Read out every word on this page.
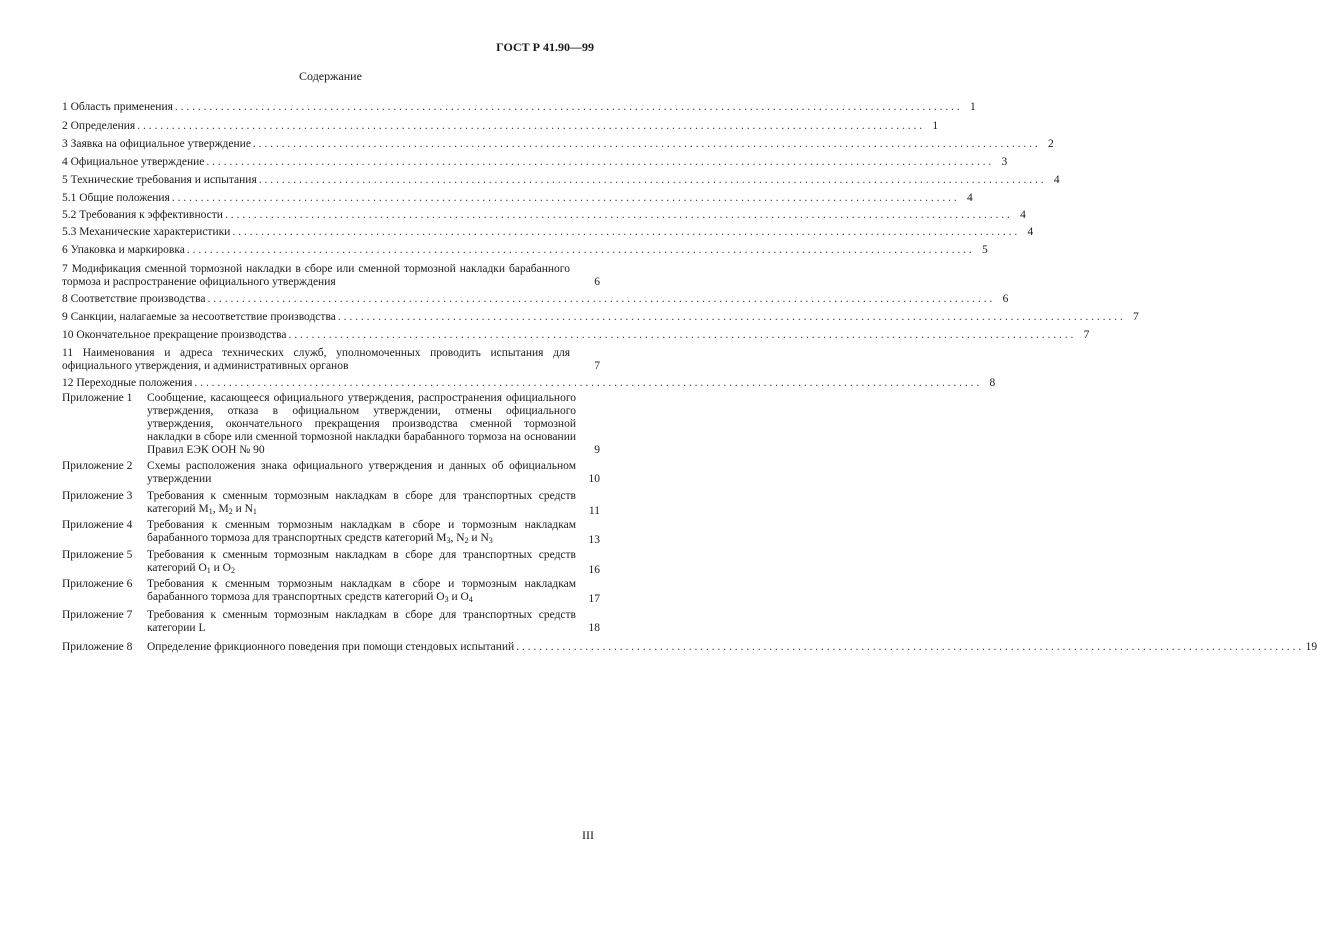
ГОСТ Р 41.90—99
Содержание
1 Область применения . . .	1
2 Определения . . .	1
3 Заявка на официальное утверждение . . .	2
4 Официальное утверждение . . .	3
5 Технические требования и испытания . . .	4
5.1 Общие положения . . .	4
5.2 Требования к эффективности . . .	4
5.3 Механические характеристики . . .	4
6 Упаковка и маркировка . . .	5
7 Модификация сменной тормозной накладки в сборе или сменной тормозной накладки барабанного тормоза и распространение официального утверждения	6
8 Соответствие производства . . .	6
9 Санкции, налагаемые за несоответствие производства . . .	7
10 Окончательное прекращение производства . . .	7
11 Наименования и адреса технических служб, уполномоченных проводить испытания для официального утверждения, и административных органов	7
12 Переходные положения . . .	8
Приложение 1	Сообщение, касающееся официального утверждения, распространения официального утверждения, отказа в официальном утверждении, отмены официального утверждения, окончательного прекращения производства сменной тормозной накладки в сборе или сменной тормозной накладки барабанного тормоза на основании Правил ЕЭК ООН № 90	9
Приложение 2	Схемы расположения знака официального утверждения и данных об официальном утверждении	10
Приложение 3	Требования к сменным тормозным накладкам в сборе для транспортных средств категорий $M_1$, $M_2$ и $N_1$	11
Приложение 4	Требования к сменным тормозным накладкам в сборе и тормозным накладкам барабанного тормоза для транспортных средств категорий $M_3$, $N_2$ и $N_3$	13
Приложение 5	Требования к сменным тормозным накладкам в сборе для транспортных средств категорий $O_1$ и $O_2$	16
Приложение 6	Требования к сменным тормозным накладкам в сборе и тормозным накладкам барабанного тормоза для транспортных средств категорий $O_3$ и $O_4$	17
Приложение 7	Требования к сменным тормозным накладкам в сборе для транспортных средств категории L	18
Приложение 8	Определение фрикционного поведения при помощи стендовых испытаний . . .	19
III
